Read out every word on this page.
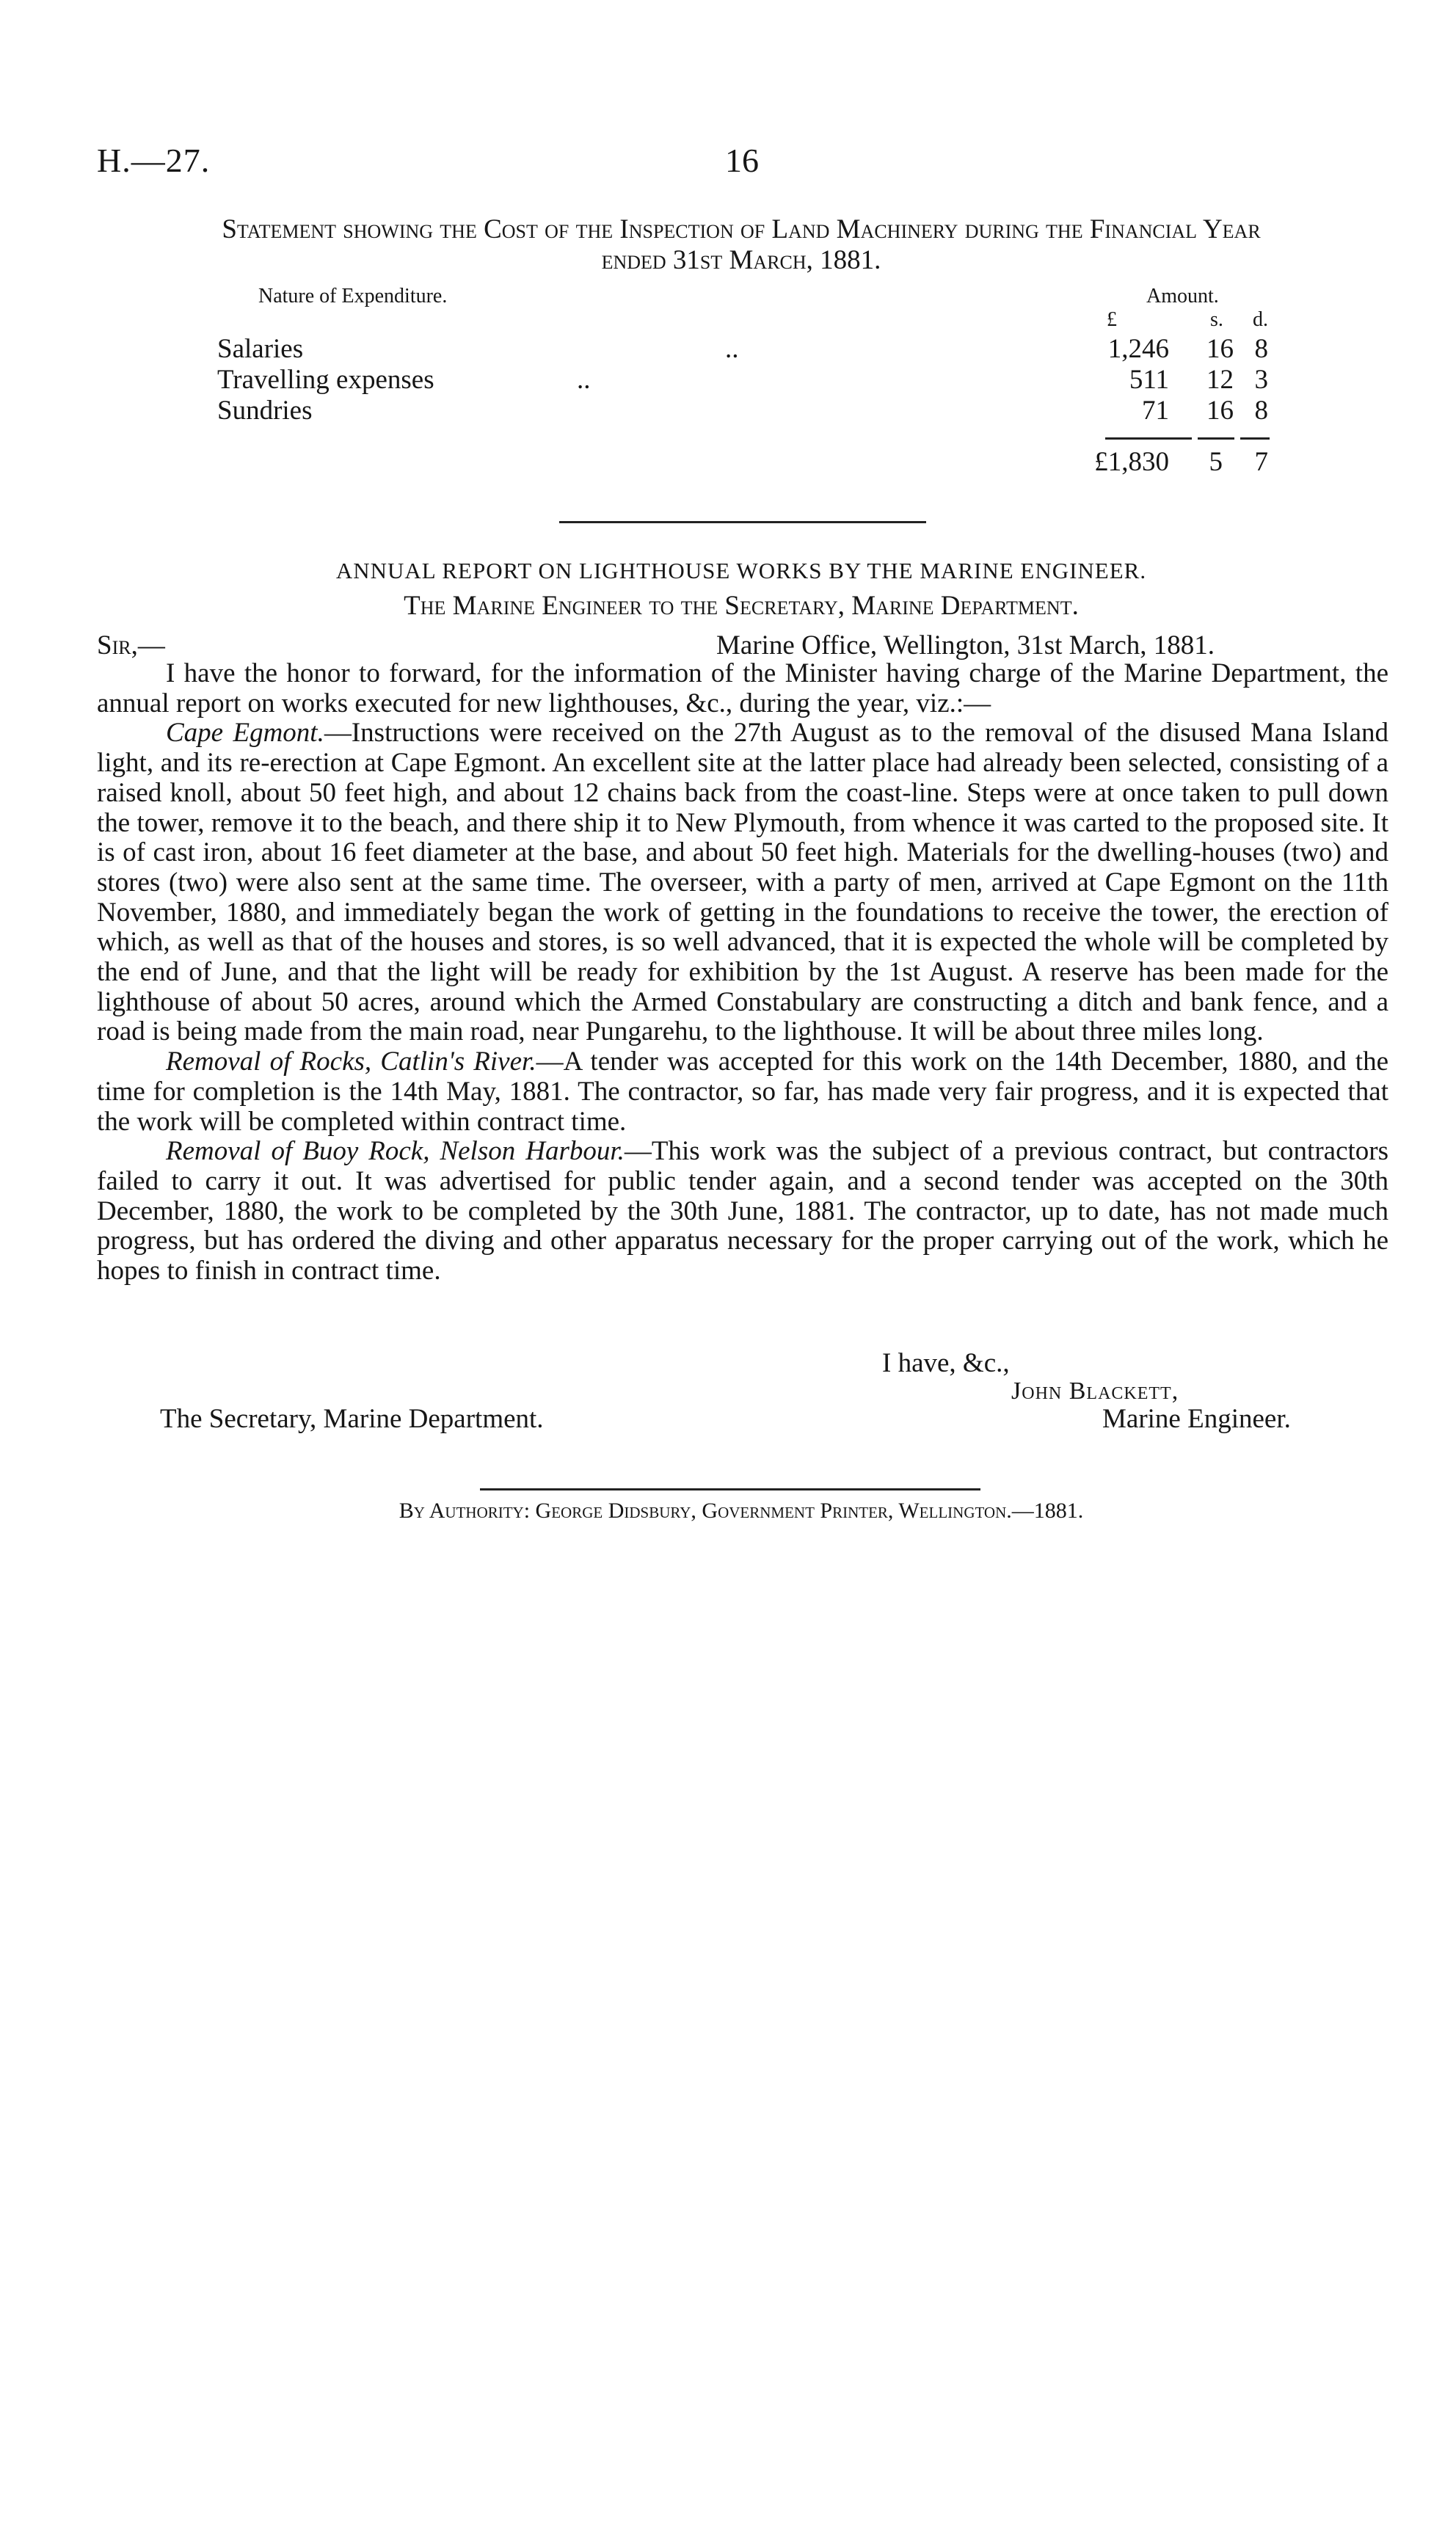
H.—27.	16
Statement showing the Cost of the Inspection of Land Machinery during the Financial Year
ended 31st March, 1881.
Nature of Expenditure.	Amount.
£	s. d.
Salaries	..	1,246 16 8
Travelling expenses	..	511 12 3
Sundries	71 16 8
£1,830 5 7
ANNUAL REPORT ON LIGHTHOUSE WORKS BY THE MARINE ENGINEER.
The Marine Engineer to the Secretary, Marine Department.
Sir,—	Marine Office, Wellington, 31st March, 1881.

I have the honor to forward, for the information of the Minister having charge of the Marine Department, the annual report on works executed for new lighthouses, &c., during the year, viz.:—

Cape Egmont.—Instructions were received on the 27th August as to the removal of the disused Mana Island light, and its re-erection at Cape Egmont. An excellent site at the latter place had already been selected, consisting of a raised knoll, about 50 feet high, and about 12 chains back from the coast-line. Steps were at once taken to pull down the tower, remove it to the beach, and there ship it to New Plymouth, from whence it was carted to the proposed site. It is of cast iron, about 16 feet diameter at the base, and about 50 feet high. Materials for the dwelling-houses (two) and stores (two) were also sent at the same time. The overseer, with a party of men, arrived at Cape Egmont on the 11th November, 1880, and immediately began the work of getting in the foundations to receive the tower, the erection of which, as well as that of the houses and stores, is so well advanced, that it is expected the whole will be completed by the end of June, and that the light will be ready for exhibition by the 1st August. A reserve has been made for the lighthouse of about 50 acres, around which the Armed Constabulary are constructing a ditch and bank fence, and a road is being made from the main road, near Pungarehu, to the lighthouse. It will be about three miles long.

Removal of Rocks, Catlin's River.—A tender was accepted for this work on the 14th December, 1880, and the time for completion is the 14th May, 1881. The contractor, so far, has made very fair progress, and it is expected that the work will be completed within contract time.

Removal of Buoy Rock, Nelson Harbour.—This work was the subject of a previous contract, but contractors failed to carry it out. It was advertised for public tender again, and a second tender was accepted on the 30th December, 1880, the work to be completed by the 30th June, 1881. The contractor, up to date, has not made much progress, but has ordered the diving and other apparatus necessary for the proper carrying out of the work, which he hopes to finish in contract time.

I have, &c.,
John Blackett,
The Secretary, Marine Department.	Marine Engineer.
By Authority: George Didsbury, Government Printer, Wellington.—1881.
